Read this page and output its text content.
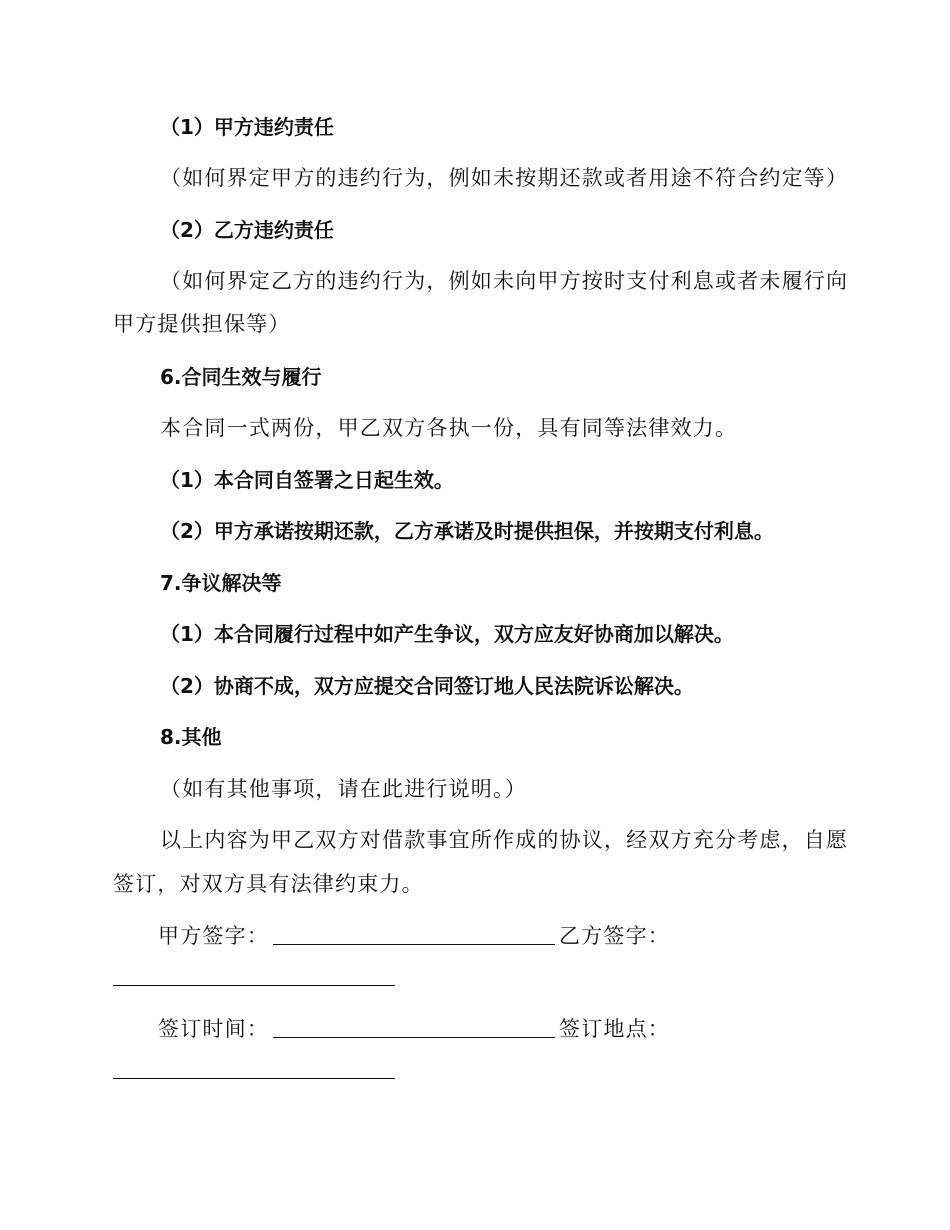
（1）甲方违约责任
（如何界定甲方的违约行为，例如未按期还款或者用途不符合约定等）
（2）乙方违约责任
（如何界定乙方的违约行为，例如未向甲方按时支付利息或者未履行向
甲方提供担保等）
6.合同生效与履行
本合同一式两份，甲乙双方各执一份，具有同等法律效力。
（1）本合同自签署之日起生效。
（2）甲方承诺按期还款，乙方承诺及时提供担保，并按期支付利息。
7.争议解决等
（1）本合同履行过程中如产生争议，双方应友好协商加以解决。
（2）协商不成，双方应提交合同签订地人民法院诉讼解决。
8.其他
（如有其他事项，请在此进行说明。）
以上内容为甲乙双方对借款事宜所作成的协议，经双方充分考虑，自愿
签订，对双方具有法律约束力。
甲方签字：	乙方签字：
签订时间：	签订地点：
